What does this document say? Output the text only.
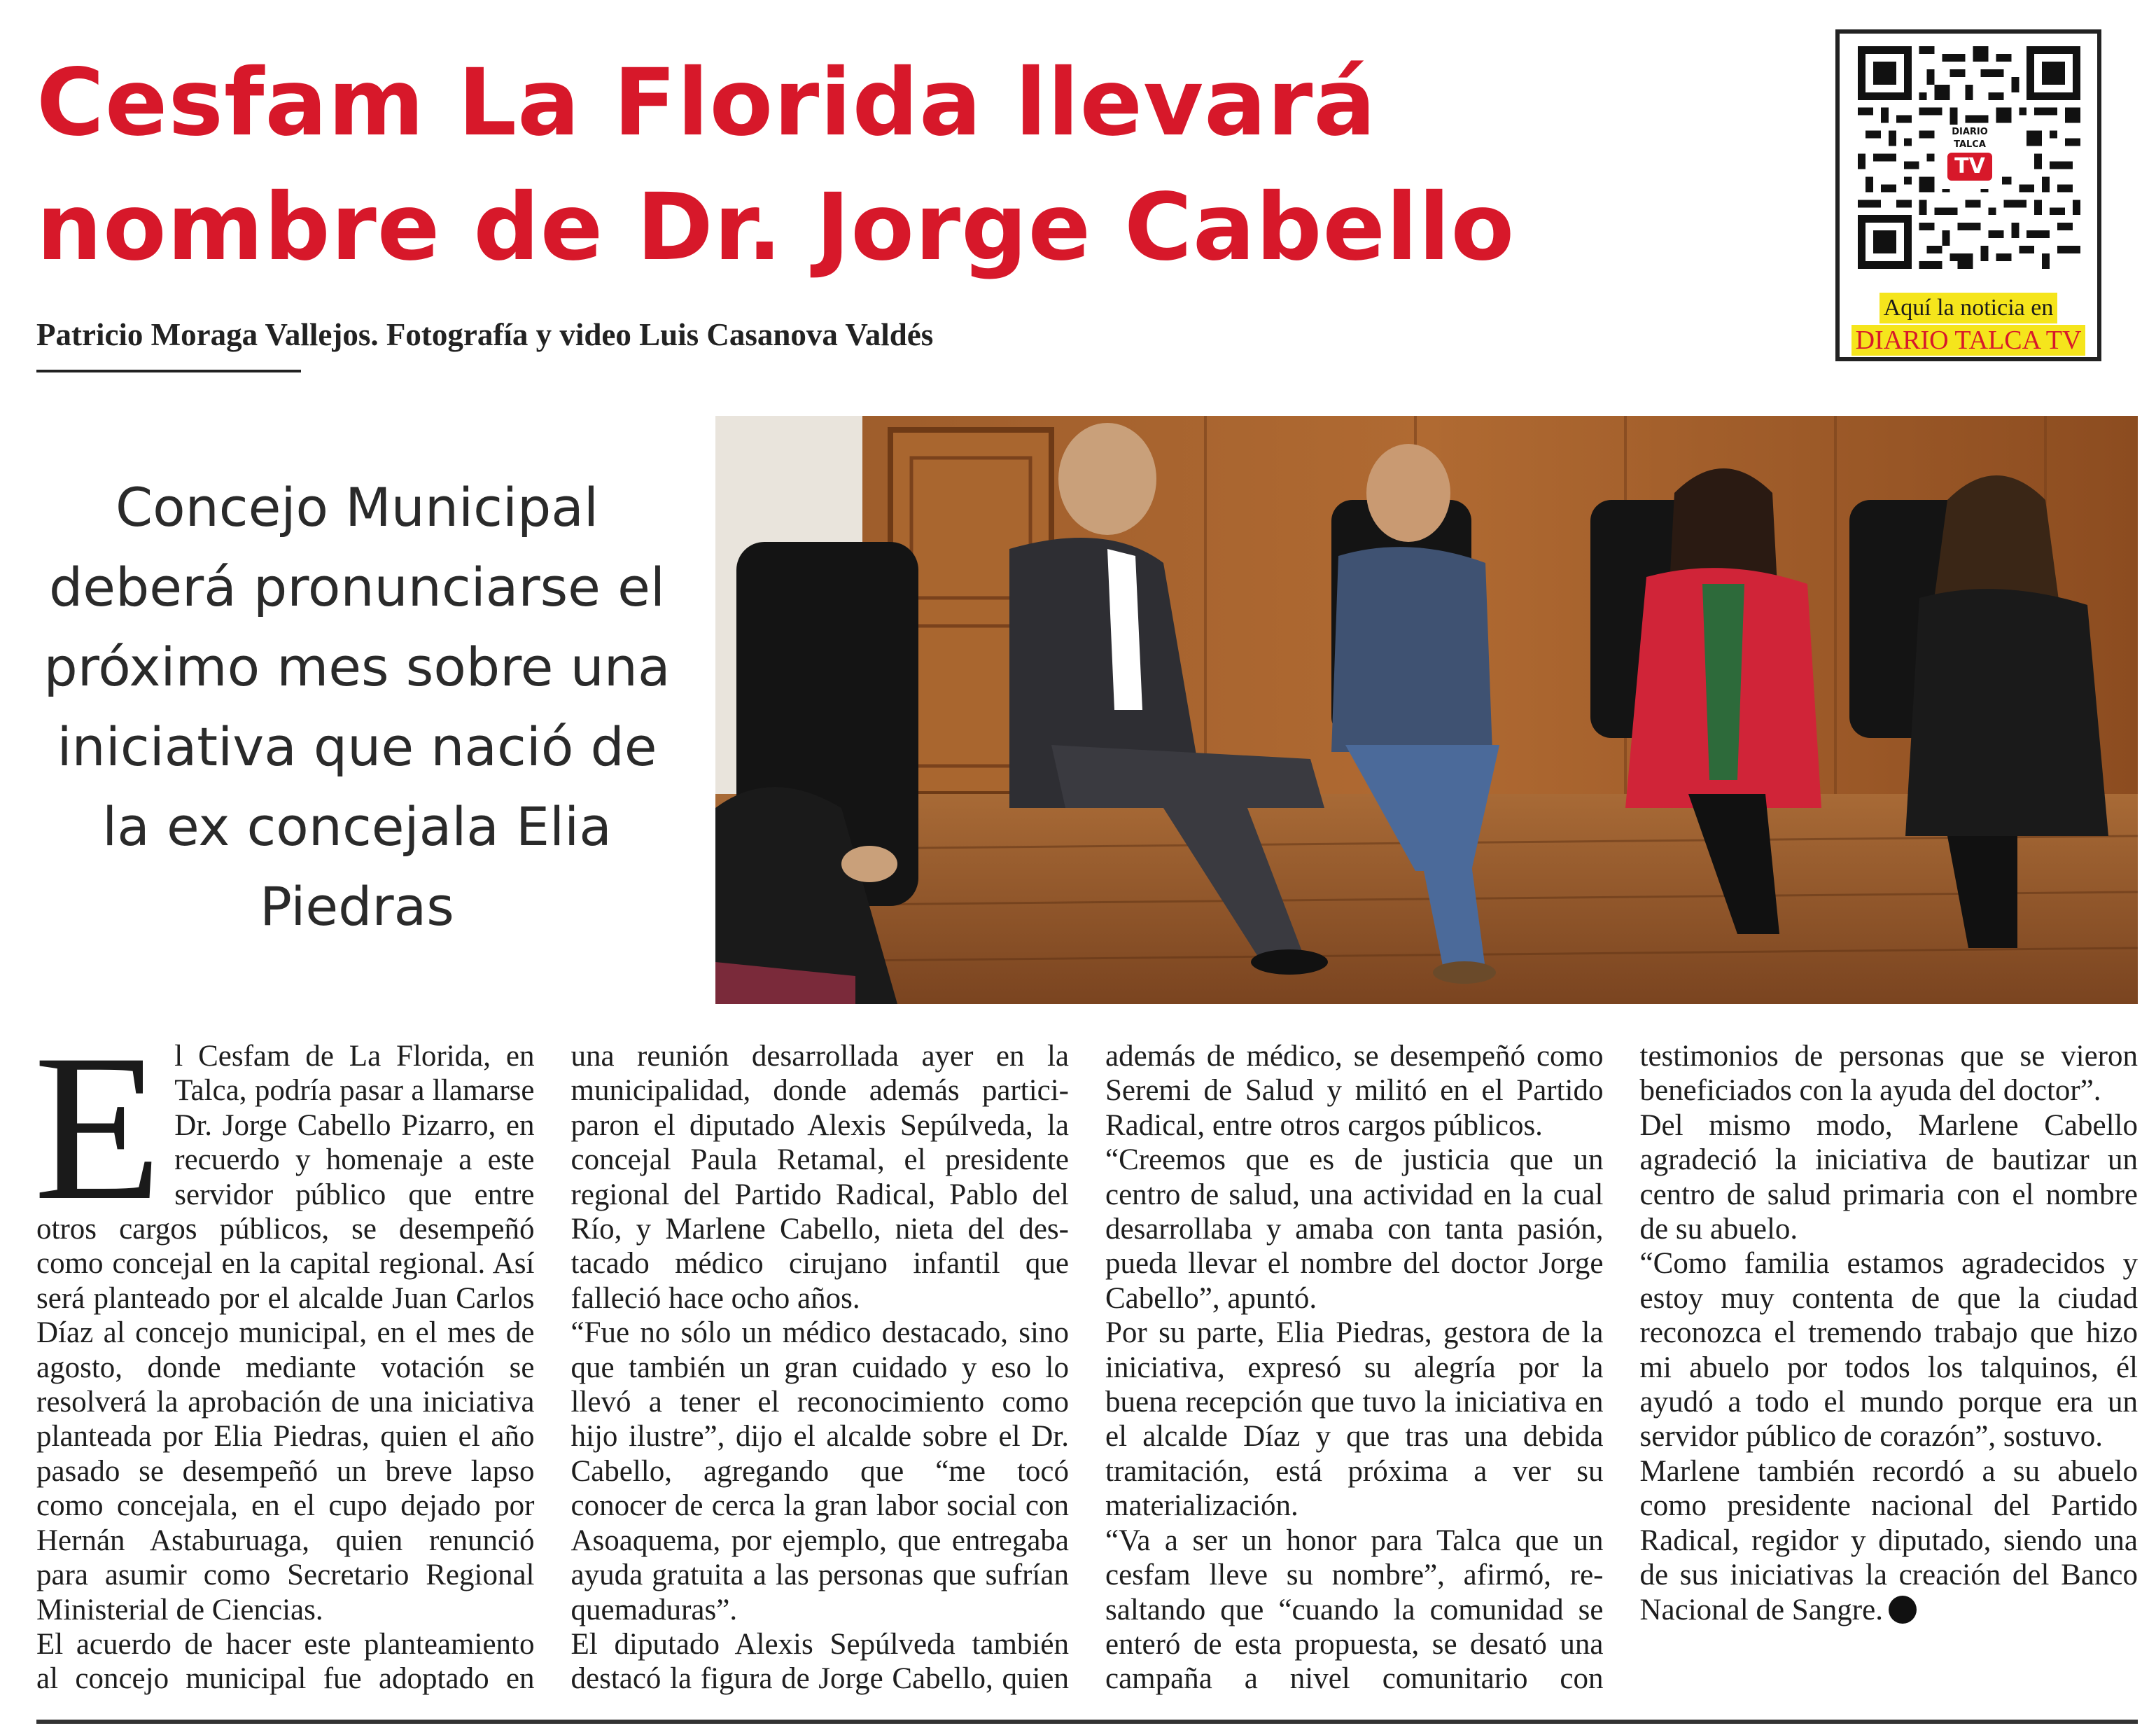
Cesfam La Florida llevará
nombre de Dr. Jorge Cabello
Patricio Moraga Vallejos. Fotografía y video Luis Casanova Valdés
DIARIO
TALCA
TV
Aquí la noticia en
DIARIO TALCA TV

Concejo Municipal deberá pronunciarse el próximo mes sobre una iniciativa que nació de la ex concejala Elia Piedras

El Cesfam de La Florida, en Talca, podría pasar a llamarse Dr. Jorge Cabello Pizarro, en recuerdo y homenaje a este servidor público que entre otros cargos públicos, se desempeñó como concejal en la capital regional. Así será planteado por el alcalde Juan Carlos Díaz al concejo municipal, en el mes de agosto, donde mediante votación se resolverá la aprobación de una iniciativa planteada por Elia Piedras, quien el año pasado se desempeñó un breve lapso como concejala, en el cupo dejado por Hernán Astaburuaga, quien renunció para asumir como Secretario Regional Ministerial de Ciencias.

El acuerdo de hacer este planteamiento al concejo municipal fue adoptado en una reunión desarrollada ayer en la municipalidad, donde además participaron el diputado Alexis Sepúlveda, la concejal Paula Retamal, el presidente regional del Partido Radical, Pablo del Río, y Marlene Cabello, nieta del destacado médico cirujano infantil que falleció hace ocho años.

“Fue no sólo un médico destacado, sino que también un gran cuidado y eso lo llevó a tener el reconocimiento como hijo ilustre”, dijo el alcalde sobre el Dr. Cabello, agregando que “me tocó conocer de cerca la gran labor social con Asoaquema, por ejemplo, que entregaba ayuda gratuita a las personas que sufrían quemaduras”.

El diputado Alexis Sepúlveda también destacó la figura de Jorge Cabello, quien además de médico, se desempeñó como Seremi de Salud y militó en el Partido Radical, entre otros cargos públicos.

“Creemos que es de justicia que un centro de salud, una actividad en la cual desarrollaba y amaba con tanta pasión, pueda llevar el nombre del doctor Jorge Cabello”, apuntó.

Por su parte, Elia Piedras, gestora de la iniciativa, expresó su alegría por la buena recepción que tuvo la iniciativa en el alcalde Díaz y que tras una debida tramitación, está próxima a ver su materialización.

“Va a ser un honor para Talca que un cesfam lleve su nombre”, afirmó, resaltando que “cuando la comunidad se enteró de esta propuesta, se desató una campaña a nivel comunitario con testimonios de personas que se vieron beneficiados con la ayuda del doctor”.

Del mismo modo, Marlene Cabello agradeció la iniciativa de bautizar un centro de salud primaria con el nombre de su abuelo.

“Como familia estamos agradecidos y estoy muy contenta de que la ciudad reconozca el tremendo trabajo que hizo mi abuelo por todos los talquinos, él ayudó a todo el mundo porque era un servidor público de corazón”, sostuvo.

Marlene también recordó a su abuelo como presidente nacional del Partido Radical, regidor y diputado, siendo una de sus iniciativas la creación del Banco Nacional de Sangre.
